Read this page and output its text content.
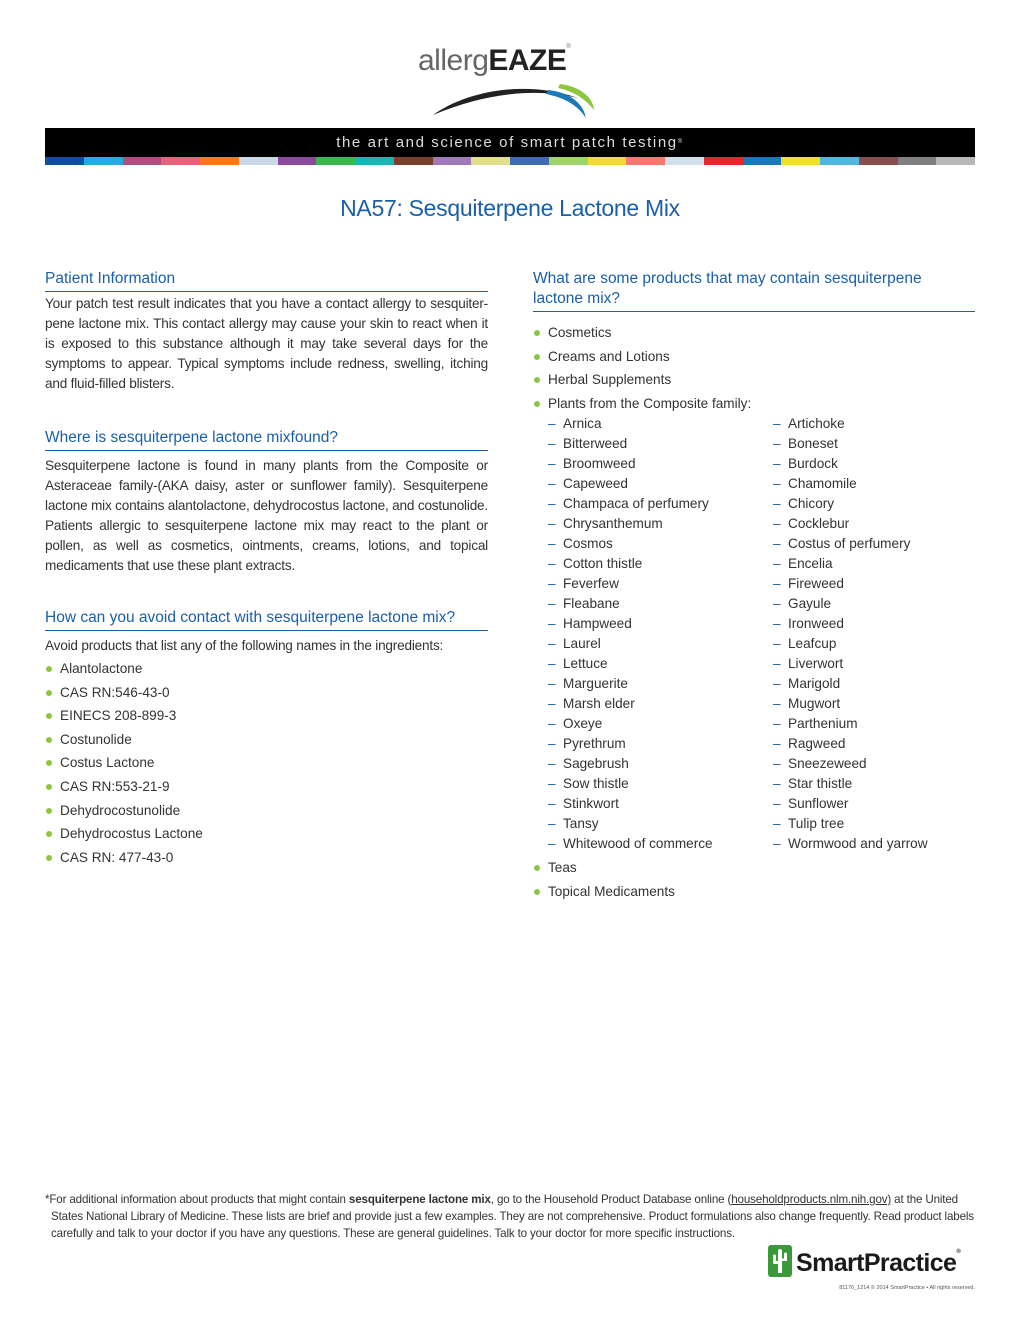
allergEAZE®
the art and science of smart patch testing®
NA57: Sesquiterpene Lactone Mix
Patient Information
Your patch test result indicates that you have a contact allergy to sesquiter-pene lactone mix. This contact allergy may cause your skin to react when it is exposed to this substance although it may take several days for the symptoms to appear. Typical symptoms include redness, swelling, itching and fluid-filled blisters.
Where is sesquiterpene lactone mixfound?
Sesquiterpene lactone is found in many plants from the Composite or Asteraceae family-(AKA daisy, aster or sunflower family). Sesquiterpene lactone mix contains alantolactone, dehydrocostus lactone, and costunolide. Patients allergic to sesquiterpene lactone mix may react to the plant or pollen, as well as cosmetics, ointments, creams, lotions, and topical medicaments that use these plant extracts.
How can you avoid contact with sesquiterpene lactone mix?
Avoid products that list any of the following names in the ingredients:
Alantolactone
CAS RN:546-43-0
EINECS 208-899-3
Costunolide
Costus Lactone
CAS RN:553-21-9
Dehydrocostunolide
Dehydrocostus Lactone
CAS RN: 477-43-0
What are some products that may contain sesquiterpene lactone mix?
Cosmetics
Creams and Lotions
Herbal Supplements
Plants from the Composite family:
– Arnica
– Bitterweed
– Broomweed
– Capeweed
– Champaca of perfumery
– Chrysanthemum
– Cosmos
– Cotton thistle
– Feverfew
– Fleabane
– Hampweed
– Laurel
– Lettuce
– Marguerite
– Marsh elder
– Oxeye
– Pyrethrum
– Sagebrush
– Sow thistle
– Stinkwort
– Tansy
– Whitewood of commerce
– Artichoke
– Boneset
– Burdock
– Chamomile
– Chicory
– Cocklebur
– Costus of perfumery
– Encelia
– Fireweed
– Gayule
– Ironweed
– Leafcup
– Liverwort
– Marigold
– Mugwort
– Parthenium
– Ragweed
– Sneezeweed
– Star thistle
– Sunflower
– Tulip tree
– Wormwood and yarrow
Teas
Topical Medicaments
*For additional information about products that might contain sesquiterpene lactone mix, go to the Household Product Database online (householdproducts.nlm.nih.gov) at the United
States National Library of Medicine. These lists are brief and provide just a few examples. They are not comprehensive. Product formulations also change frequently. Read product labels
carefully and talk to your doctor if you have any questions. These are general guidelines. Talk to your doctor for more specific instructions.
SmartPractice®
81176_1214 © 2014 SmartPractice • All rights reserved.
